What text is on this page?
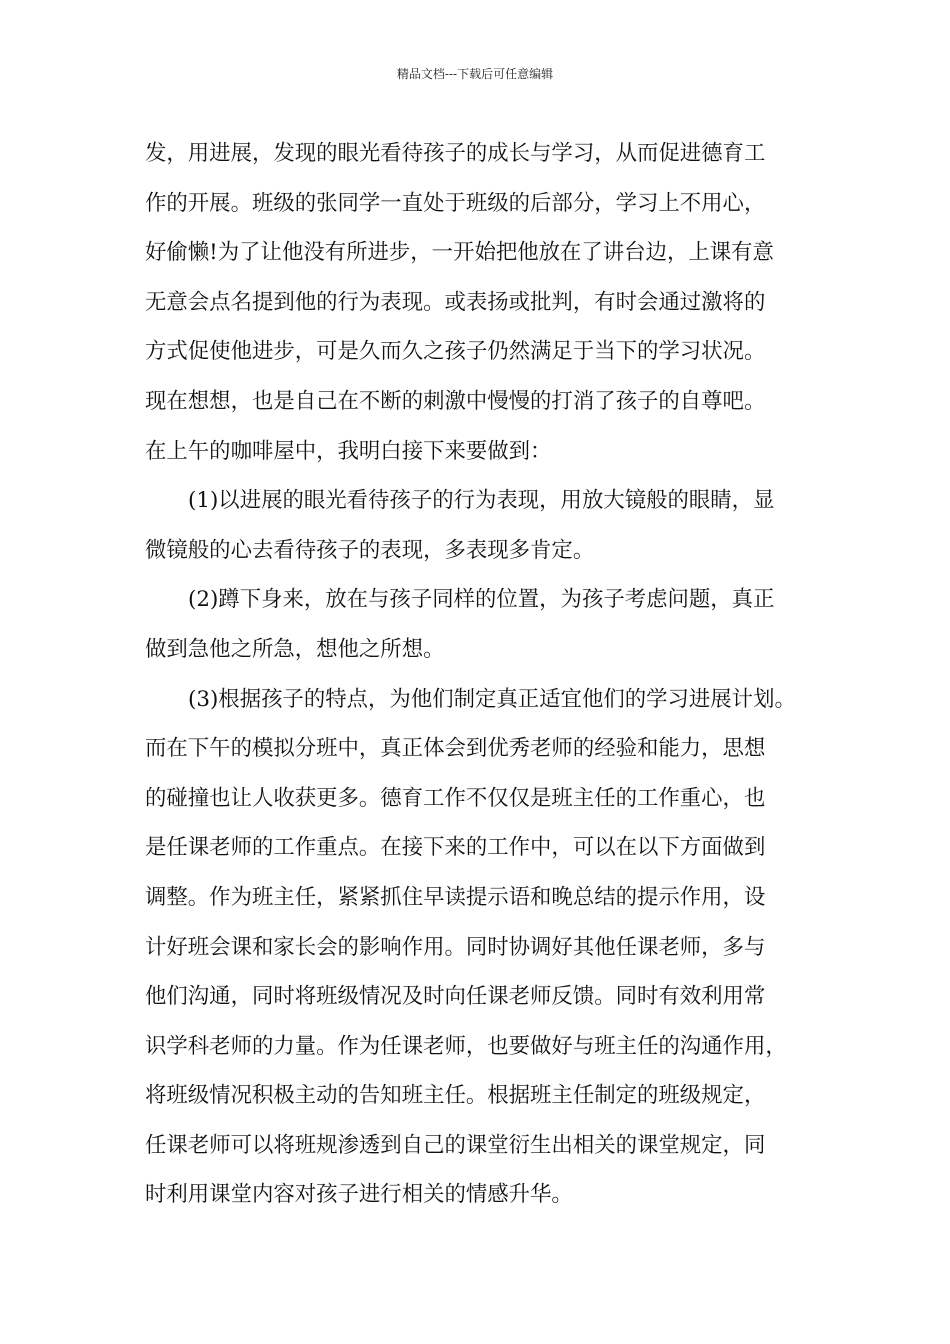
精品文档---下载后可任意编辑
发，用进展，发现的眼光看待孩子的成长与学习，从而促进德育工
作的开展。班级的张同学一直处于班级的后部分，学习上不用心，
好偷懒!为了让他没有所进步，一开始把他放在了讲台边，上课有意
无意会点名提到他的行为表现。或表扬或批判，有时会通过激将的
方式促使他进步，可是久而久之孩子仍然满足于当下的学习状况。
现在想想，也是自己在不断的刺激中慢慢的打消了孩子的自尊吧。
在上午的咖啡屋中，我明白接下来要做到：
(1)以进展的眼光看待孩子的行为表现，用放大镜般的眼睛，显
微镜般的心去看待孩子的表现，多表现多肯定。
(2)蹲下身来，放在与孩子同样的位置，为孩子考虑问题，真正
做到急他之所急，想他之所想。
(3)根据孩子的特点，为他们制定真正适宜他们的学习进展计划。
而在下午的模拟分班中，真正体会到优秀老师的经验和能力，思想
的碰撞也让人收获更多。德育工作不仅仅是班主任的工作重心，也
是任课老师的工作重点。在接下来的工作中，可以在以下方面做到
调整。作为班主任，紧紧抓住早读提示语和晚总结的提示作用，设
计好班会课和家长会的影响作用。同时协调好其他任课老师，多与
他们沟通，同时将班级情况及时向任课老师反馈。同时有效利用常
识学科老师的力量。作为任课老师，也要做好与班主任的沟通作用，
将班级情况积极主动的告知班主任。根据班主任制定的班级规定，
任课老师可以将班规渗透到自己的课堂衍生出相关的课堂规定，同
时利用课堂内容对孩子进行相关的情感升华。
